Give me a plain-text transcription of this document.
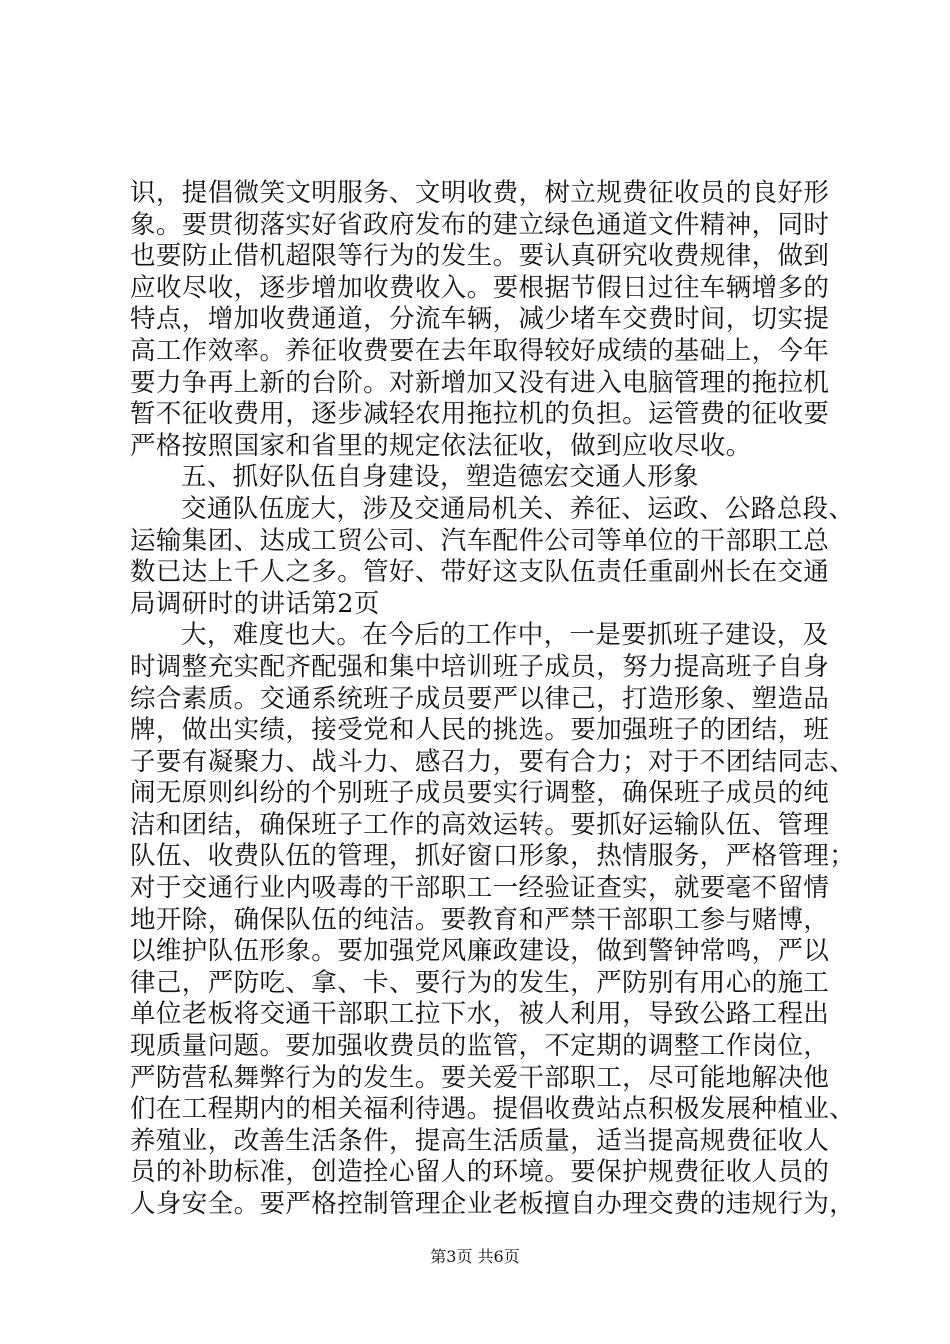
识，提倡微笑文明服务、文明收费，树立规费征收员的良好形
象。要贯彻落实好省政府发布的建立绿色通道文件精神，同时
也要防止借机超限等行为的发生。要认真研究收费规律，做到
应收尽收，逐步增加收费收入。要根据节假日过往车辆增多的
特点，增加收费通道，分流车辆，减少堵车交费时间，切实提
高工作效率。养征收费要在去年取得较好成绩的基础上，今年
要力争再上新的台阶。对新增加又没有进入电脑管理的拖拉机
暂不征收费用，逐步减轻农用拖拉机的负担。运管费的征收要
严格按照国家和省里的规定依法征收，做到应收尽收。
五、抓好队伍自身建设，塑造德宏交通人形象
交通队伍庞大，涉及交通局机关、养征、运政、公路总段、
运输集团、达成工贸公司、汽车配件公司等单位的干部职工总
数已达上千人之多。管好、带好这支队伍责任重副州长在交通
局调研时的讲话第2页
大，难度也大。在今后的工作中，一是要抓班子建设，及
时调整充实配齐配强和集中培训班子成员，努力提高班子自身
综合素质。交通系统班子成员要严以律己，打造形象、塑造品
牌，做出实绩，接受党和人民的挑选。要加强班子的团结，班
子要有凝聚力、战斗力、感召力，要有合力；对于不团结同志、
闹无原则纠纷的个别班子成员要实行调整，确保班子成员的纯
洁和团结，确保班子工作的高效运转。要抓好运输队伍、管理
队伍、收费队伍的管理，抓好窗口形象，热情服务，严格管理；
对于交通行业内吸毒的干部职工一经验证查实，就要毫不留情
地开除，确保队伍的纯洁。要教育和严禁干部职工参与赌博，
以维护队伍形象。要加强党风廉政建设，做到警钟常鸣，严以
律己，严防吃、拿、卡、要行为的发生，严防别有用心的施工
单位老板将交通干部职工拉下水，被人利用，导致公路工程出
现质量问题。要加强收费员的监管，不定期的调整工作岗位，
严防营私舞弊行为的发生。要关爱干部职工，尽可能地解决他
们在工程期内的相关福利待遇。提倡收费站点积极发展种植业、
养殖业，改善生活条件，提高生活质量，适当提高规费征收人
员的补助标准，创造拴心留人的环境。要保护规费征收人员的
人身安全。要严格控制管理企业老板擅自办理交费的违规行为，
第3页 共6页
